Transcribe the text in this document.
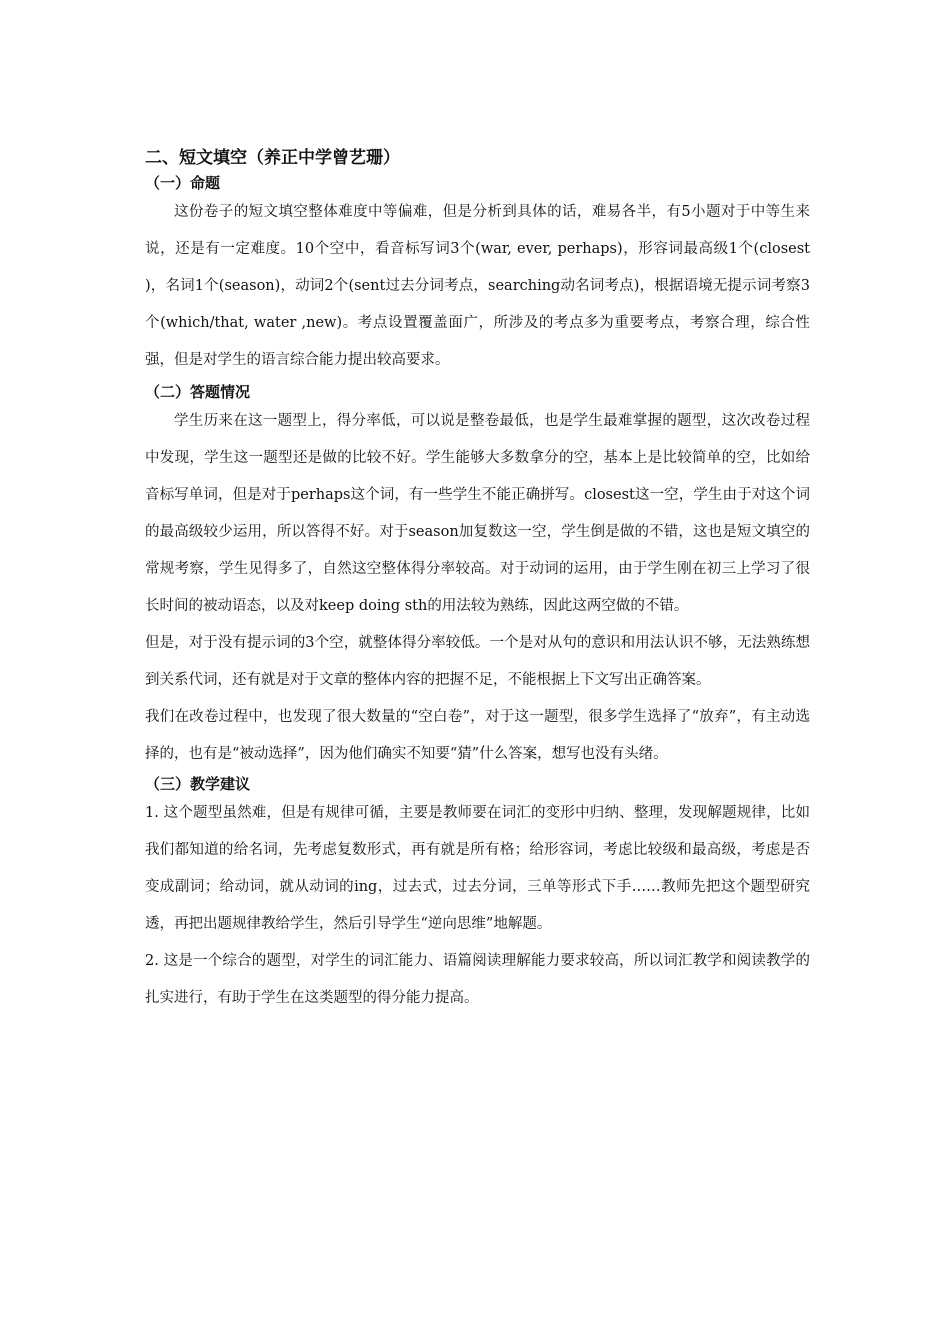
二、短文填空（养正中学曾艺珊）
（一）命题

这份卷子的短文填空整体难度中等偏难，但是分析到具体的话，难易各半，有5小题对于中等生来说，还是有一定难度。10个空中，看音标写词3个(war, ever, perhaps)，形容词最高级1个(closest )，名词1个(season)，动词2个(sent过去分词考点，searching动名词考点)，根据语境无提示词考察3个(which/that, water ,new)。考点设置覆盖面广，所涉及的考点多为重要考点，考察合理，综合性强，但是对学生的语言综合能力提出较高要求。

（二）答题情况

学生历来在这一题型上，得分率低，可以说是整卷最低，也是学生最难掌握的题型，这次改卷过程中发现，学生这一题型还是做的比较不好。学生能够大多数拿分的空，基本上是比较简单的空，比如给音标写单词，但是对于perhaps这个词，有一些学生不能正确拼写。closest这一空，学生由于对这个词的最高级较少运用，所以答得不好。对于season加复数这一空，学生倒是做的不错，这也是短文填空的常规考察，学生见得多了，自然这空整体得分率较高。对于动词的运用，由于学生刚在初三上学习了很长时间的被动语态，以及对keep doing sth的用法较为熟练，因此这两空做的不错。

但是，对于没有提示词的3个空，就整体得分率较低。一个是对从句的意识和用法认识不够，无法熟练想到关系代词，还有就是对于文章的整体内容的把握不足，不能根据上下文写出正确答案。

我们在改卷过程中，也发现了很大数量的“空白卷”，对于这一题型，很多学生选择了“放弃”，有主动选择的，也有是“被动选择”，因为他们确实不知要“猜”什么答案，想写也没有头绪。

（三）教学建议

1. 这个题型虽然难，但是有规律可循，主要是教师要在词汇的变形中归纳、整理，发现解题规律，比如我们都知道的给名词，先考虑复数形式，再有就是所有格；给形容词，考虑比较级和最高级，考虑是否变成副词；给动词，就从动词的ing，过去式，过去分词，三单等形式下手……教师先把这个题型研究透，再把出题规律教给学生，然后引导学生“逆向思维”地解题。

2. 这是一个综合的题型，对学生的词汇能力、语篇阅读理解能力要求较高，所以词汇教学和阅读教学的扎实进行，有助于学生在这类题型的得分能力提高。
